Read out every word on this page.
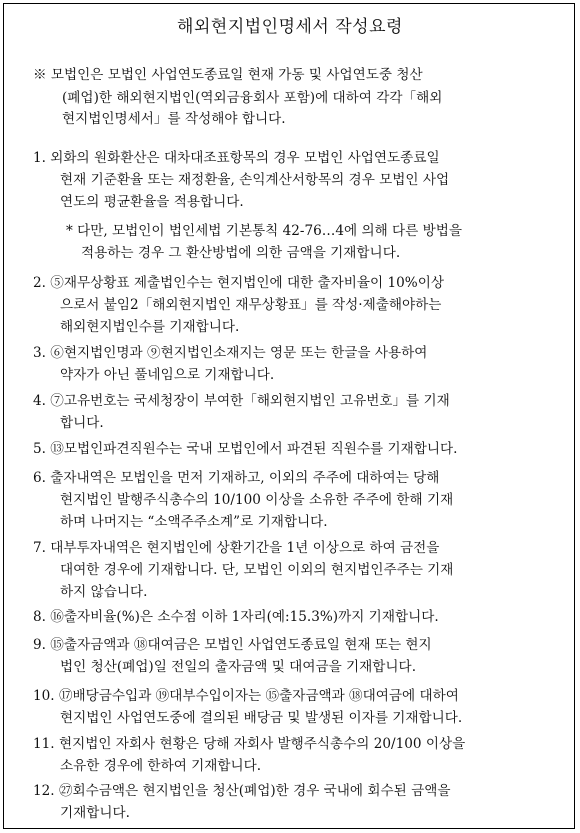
해외현지법인명세서 작성요령
※ 모법인은 모법인 사업연도종료일 현재 가동 및 사업연도중 청산
(폐업)한 해외현지법인(역외금융회사 포함)에 대하여 각각「해외
현지법인명세서」를 작성해야 합니다.
1. 외화의 원화환산은 대차대조표항목의 경우 모법인 사업연도종료일
현재 기준환율 또는 재정환율, 손익계산서항목의 경우 모법인 사업
연도의 평균환율을 적용합니다.
* 다만, 모법인이 법인세법 기본통칙 42-76…4에 의해 다른 방법을
적용하는 경우 그 환산방법에 의한 금액을 기재합니다.
2. ⑤재무상황표 제출법인수는 현지법인에 대한 출자비율이 10%이상
으로서 붙임2「해외현지법인 재무상황표」를 작성·제출해야하는
해외현지법인수를 기재합니다.
3. ⑥현지법인명과 ⑨현지법인소재지는 영문 또는 한글을 사용하여
약자가 아닌 풀네임으로 기재합니다.
4. ⑦고유번호는 국세청장이 부여한「해외현지법인 고유번호」를 기재
합니다.
5. ⑬모법인파견직원수는 국내 모법인에서 파견된 직원수를 기재합니다.
6. 출자내역은 모법인을 먼저 기재하고, 이외의 주주에 대하여는 당해
현지법인 발행주식총수의 10/100 이상을 소유한 주주에 한해 기재
하며 나머지는 “소액주주소계”로 기재합니다.
7. 대부투자내역은 현지법인에 상환기간을 1년 이상으로 하여 금전을
대여한 경우에 기재합니다. 단, 모법인 이외의 현지법인주주는 기재
하지 않습니다.
8. ⑯출자비율(%)은 소수점 이하 1자리(예:15.3%)까지 기재합니다.
9. ⑮출자금액과 ⑱대여금은 모법인 사업연도종료일 현재 또는 현지
법인 청산(폐업)일 전일의 출자금액 및 대여금을 기재합니다.
10. ⑰배당금수입과 ⑲대부수입이자는 ⑮출자금액과 ⑱대여금에 대하여
현지법인 사업연도중에 결의된 배당금 및 발생된 이자를 기재합니다.
11. 현지법인 자회사 현황은 당해 자회사 발행주식총수의 20/100 이상을
소유한 경우에 한하여 기재합니다.
12. ㉗회수금액은 현지법인을 청산(폐업)한 경우 국내에 회수된 금액을
기재합니다.
